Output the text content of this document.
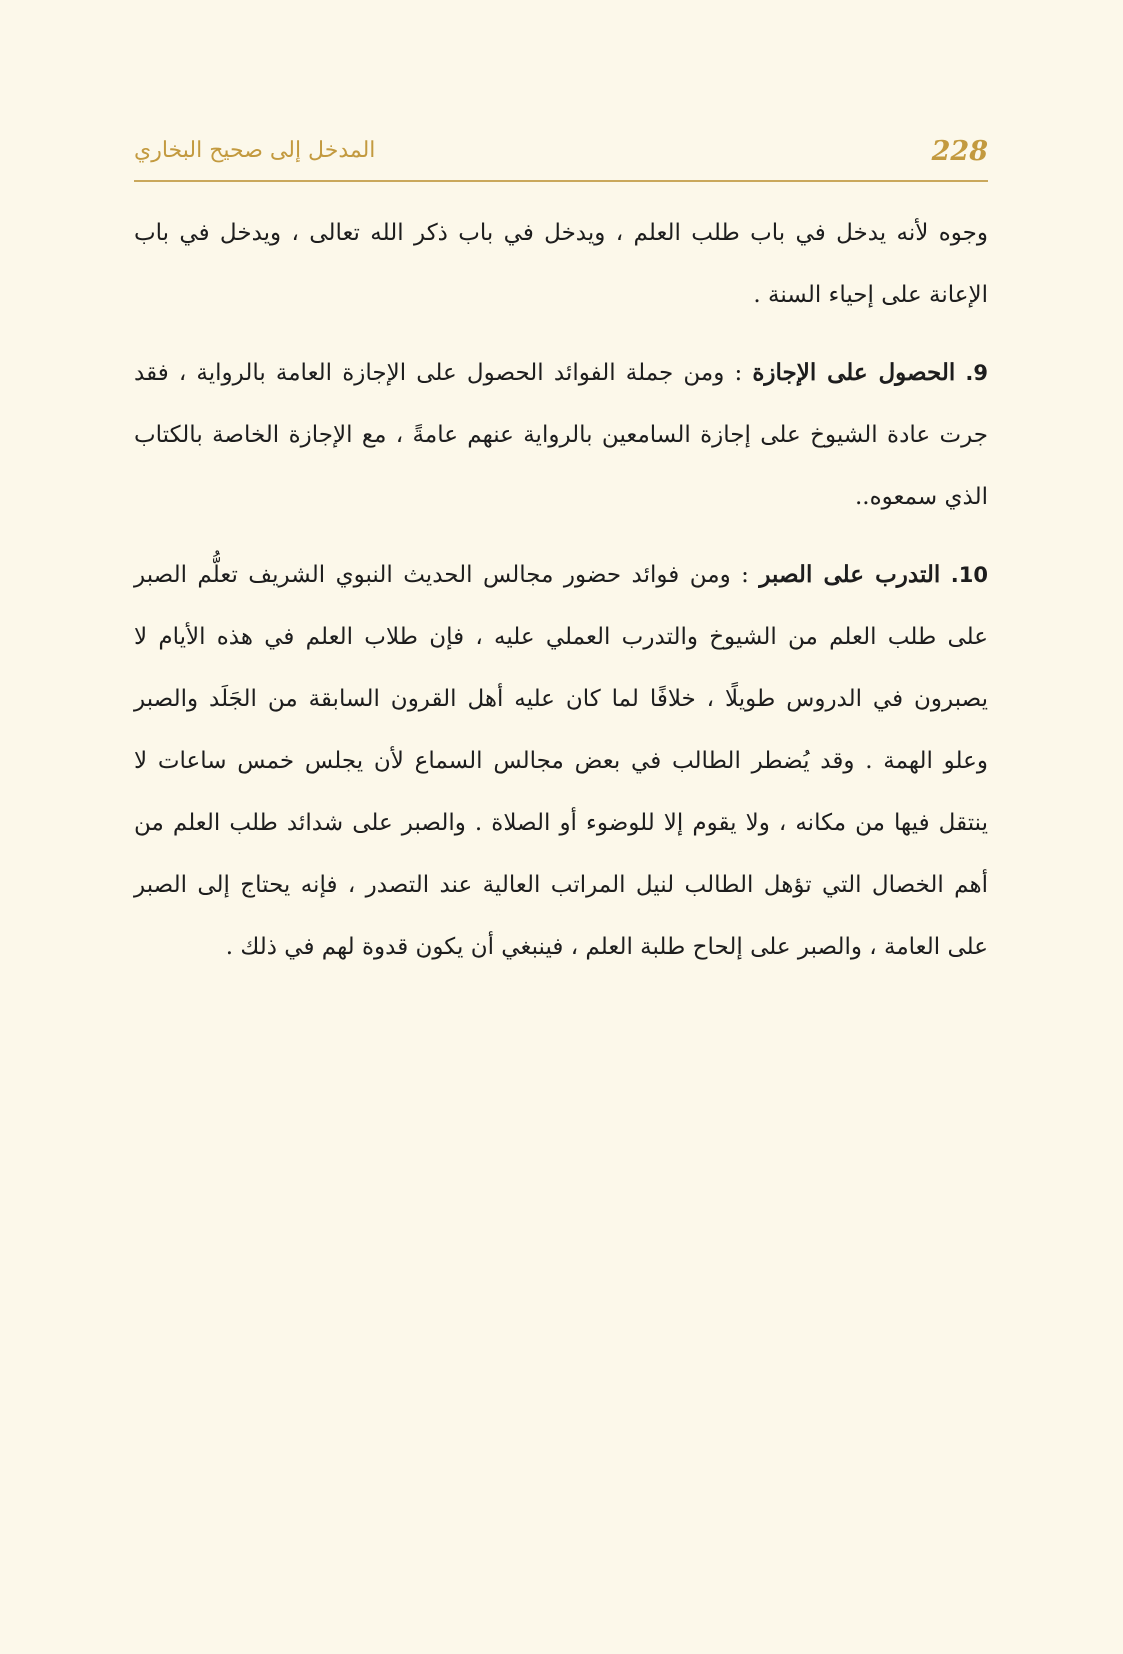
228
المدخل إلى صحيح البخاري

وجوه لأنه يدخل في باب طلب العلم ، ويدخل في باب ذكر الله تعالى ، ويدخل في باب الإعانة على إحياء السنة .

9. الحصول على الإجازة : ومن جملة الفوائد الحصول على الإجازة العامة بالرواية ، فقد جرت عادة الشيوخ على إجازة السامعين بالرواية عنهم عامةً ، مع الإجازة الخاصة بالكتاب الذي سمعوه..

10. التدرب على الصبر : ومن فوائد حضور مجالس الحديث النبوي الشريف تعلُّم الصبر على طلب العلم من الشيوخ والتدرب العملي عليه ، فإن طلاب العلم في هذه الأيام لا يصبرون في الدروس طويلًا ، خلافًا لما كان عليه أهل القرون السابقة من الجَلَد والصبر وعلو الهمة . وقد يُضطر الطالب في بعض مجالس السماع لأن يجلس خمس ساعات لا ينتقل فيها من مكانه ، ولا يقوم إلا للوضوء أو الصلاة . والصبر على شدائد طلب العلم من أهم الخصال التي تؤهل الطالب لنيل المراتب العالية عند التصدر ، فإنه يحتاج إلى الصبر على العامة ، والصبر على إلحاح طلبة العلم ، فينبغي أن يكون قدوة لهم في ذلك .
